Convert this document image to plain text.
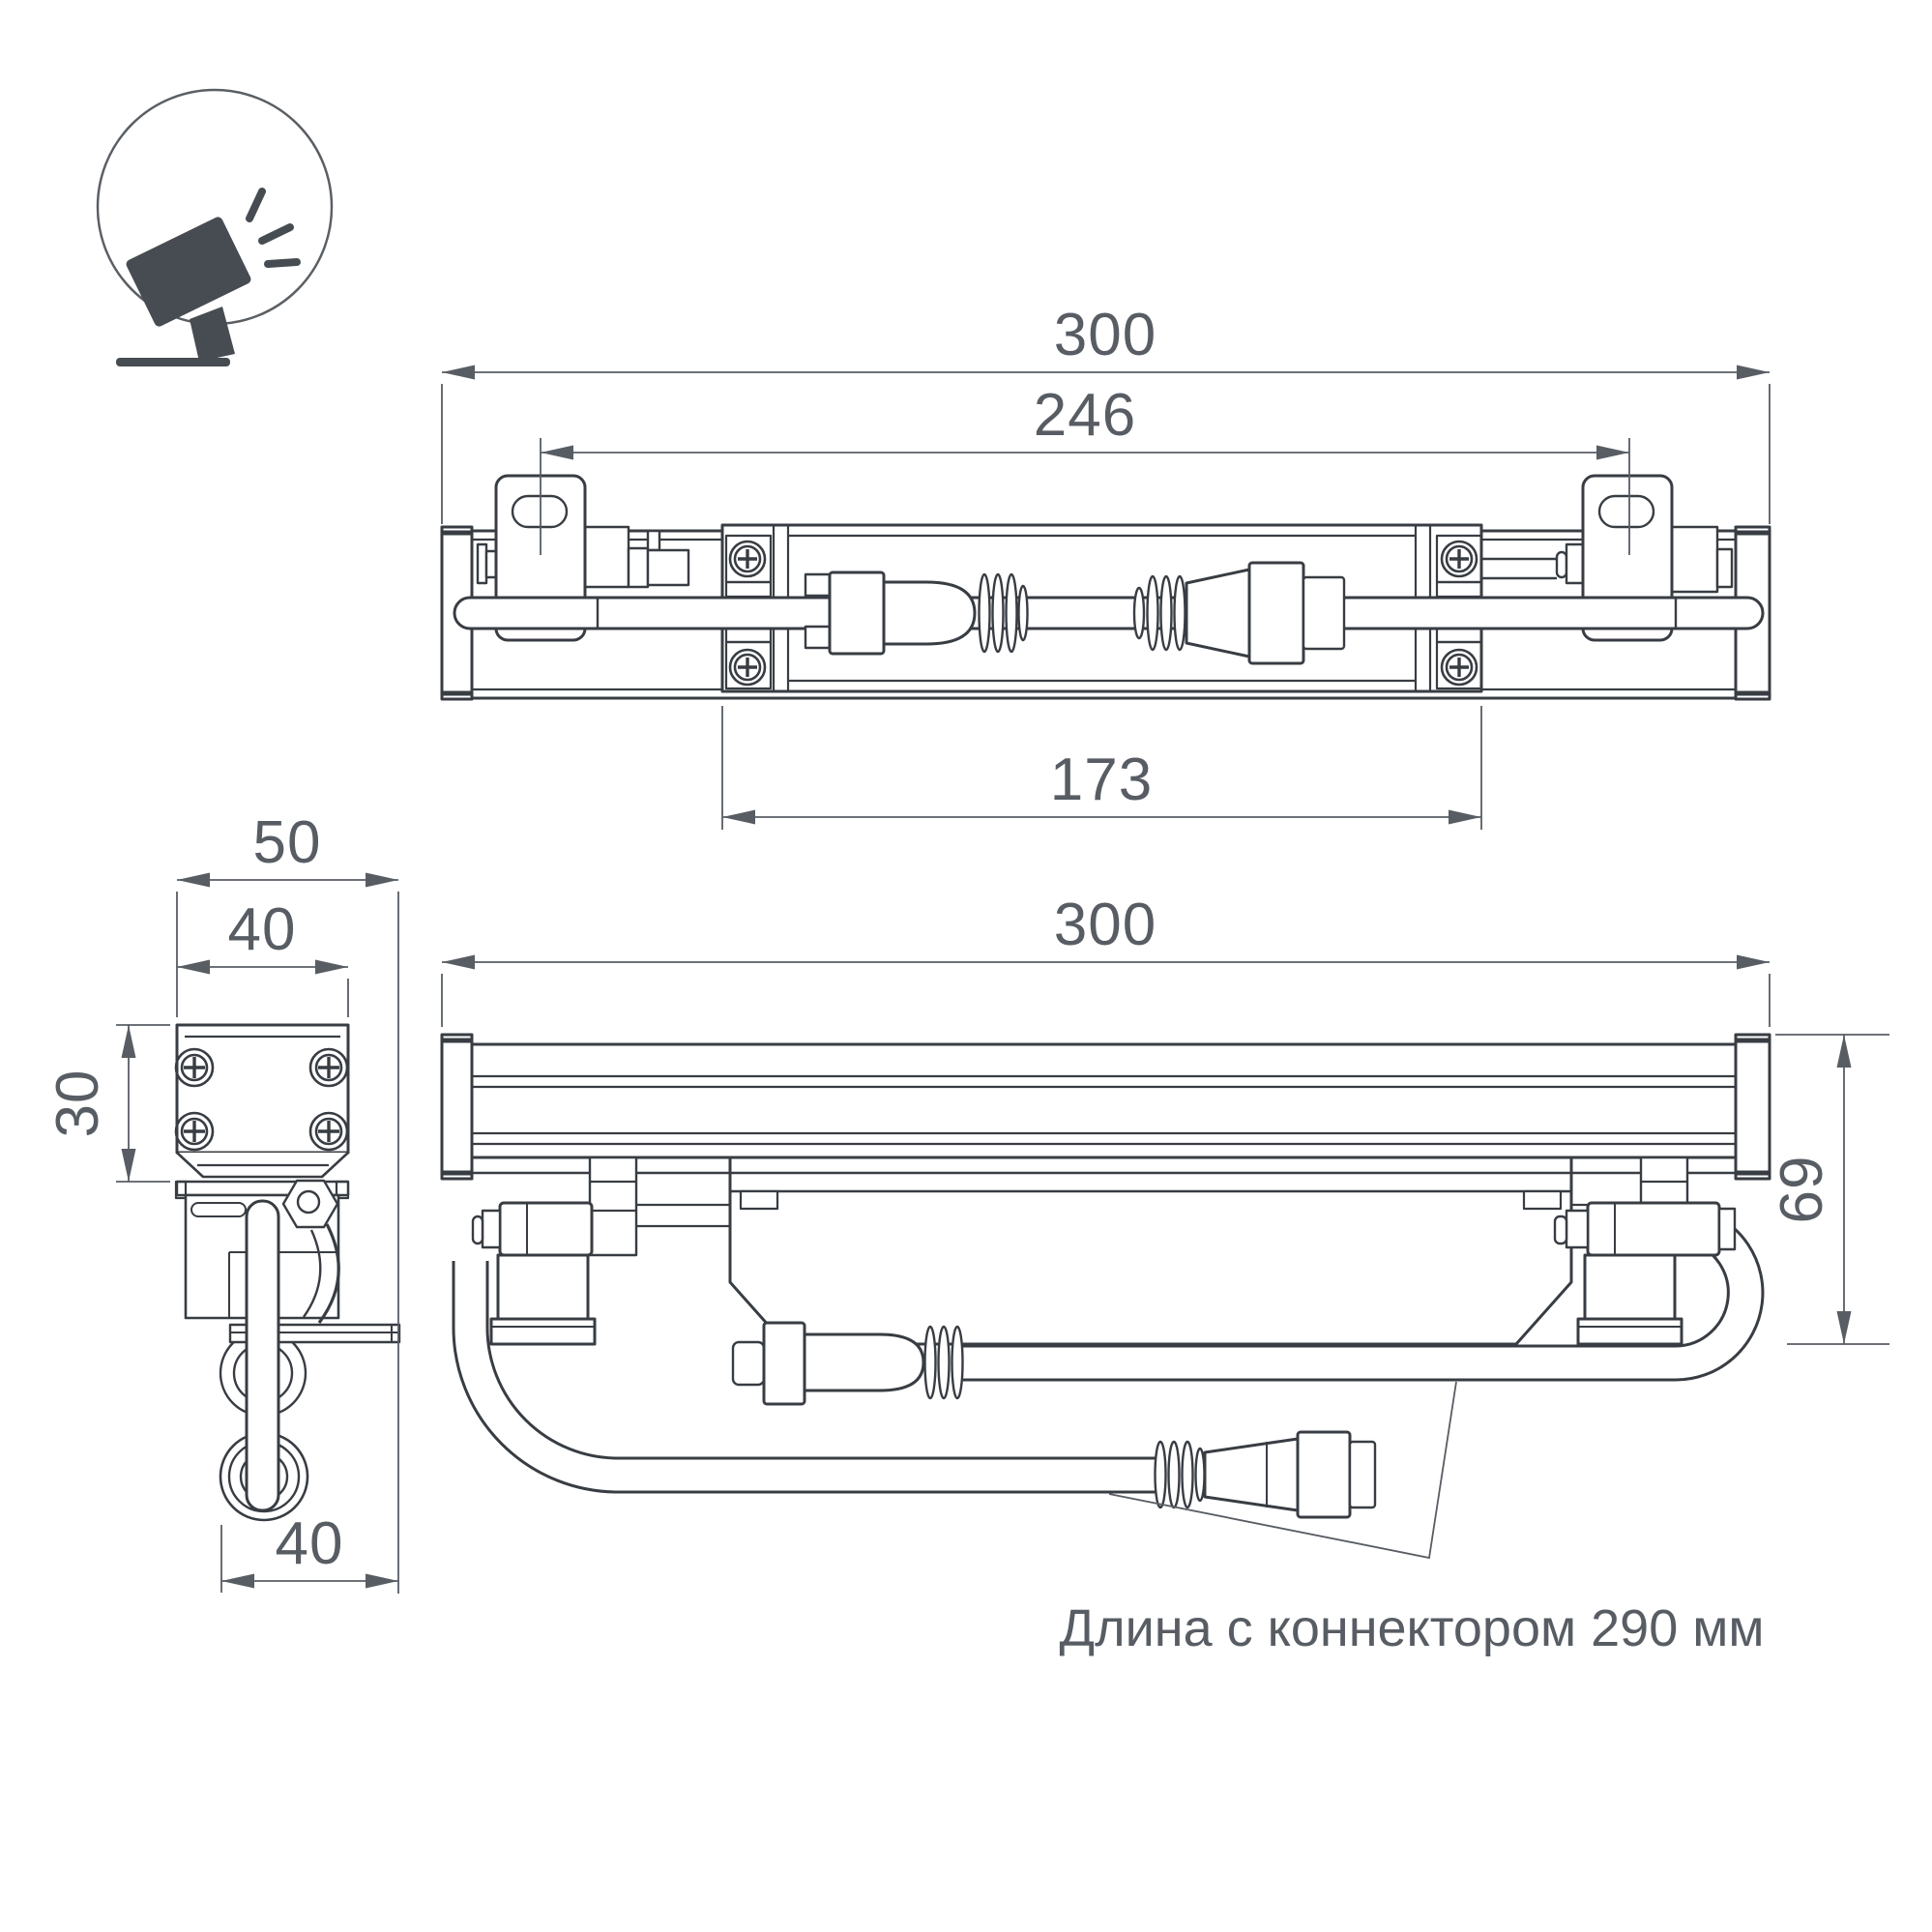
300
246
173
50
40
30
40
300
69
Длина с коннектором 290 мм
